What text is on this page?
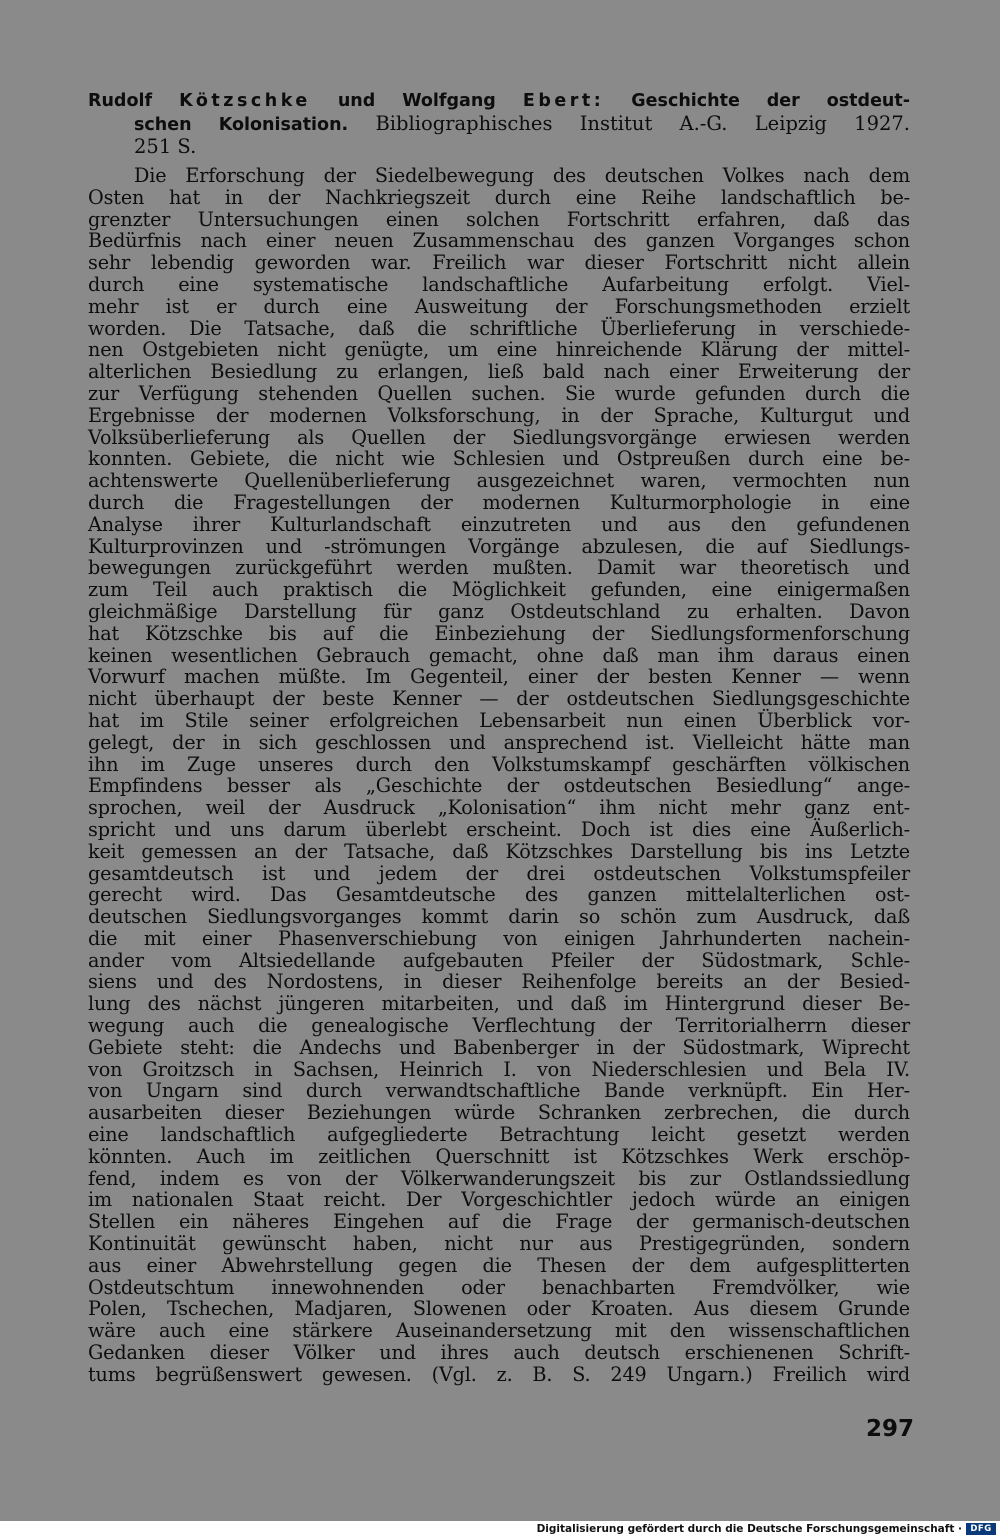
Rudolf Kötzschke und Wolfgang Ebert: Geschichte der ostdeut-
schen Kolonisation. Bibliographisches Institut A.-G. Leipzig 1927.
251 S.
Die Erforschung der Siedelbewegung des deutschen Volkes nach dem
Osten hat in der Nachkriegszeit durch eine Reihe landschaftlich be-
grenzter Untersuchungen einen solchen Fortschritt erfahren, daß das
Bedürfnis nach einer neuen Zusammenschau des ganzen Vorganges schon
sehr lebendig geworden war. Freilich war dieser Fortschritt nicht allein
durch eine systematische landschaftliche Aufarbeitung erfolgt. Viel-
mehr ist er durch eine Ausweitung der Forschungsmethoden erzielt
worden. Die Tatsache, daß die schriftliche Überlieferung in verschiede-
nen Ostgebieten nicht genügte, um eine hinreichende Klärung der mittel-
alterlichen Besiedlung zu erlangen, ließ bald nach einer Erweiterung der
zur Verfügung stehenden Quellen suchen. Sie wurde gefunden durch die
Ergebnisse der modernen Volksforschung, in der Sprache, Kulturgut und
Volksüberlieferung als Quellen der Siedlungsvorgänge erwiesen werden
konnten. Gebiete, die nicht wie Schlesien und Ostpreußen durch eine be-
achtenswerte Quellenüberlieferung ausgezeichnet waren, vermochten nun
durch die Fragestellungen der modernen Kulturmorphologie in eine
Analyse ihrer Kulturlandschaft einzutreten und aus den gefundenen
Kulturprovinzen und -strömungen Vorgänge abzulesen, die auf Siedlungs-
bewegungen zurückgeführt werden mußten. Damit war theoretisch und
zum Teil auch praktisch die Möglichkeit gefunden, eine einigermaßen
gleichmäßige Darstellung für ganz Ostdeutschland zu erhalten. Davon
hat Kötzschke bis auf die Einbeziehung der Siedlungsformenforschung
keinen wesentlichen Gebrauch gemacht, ohne daß man ihm daraus einen
Vorwurf machen müßte. Im Gegenteil, einer der besten Kenner — wenn
nicht überhaupt der beste Kenner — der ostdeutschen Siedlungsgeschichte
hat im Stile seiner erfolgreichen Lebensarbeit nun einen Überblick vor-
gelegt, der in sich geschlossen und ansprechend ist. Vielleicht hätte man
ihn im Zuge unseres durch den Volkstumskampf geschärften völkischen
Empfindens besser als „Geschichte der ostdeutschen Besiedlung“ ange-
sprochen, weil der Ausdruck „Kolonisation“ ihm nicht mehr ganz ent-
spricht und uns darum überlebt erscheint. Doch ist dies eine Äußerlich-
keit gemessen an der Tatsache, daß Kötzschkes Darstellung bis ins Letzte
gesamtdeutsch ist und jedem der drei ostdeutschen Volkstumspfeiler
gerecht wird. Das Gesamtdeutsche des ganzen mittelalterlichen ost-
deutschen Siedlungsvorganges kommt darin so schön zum Ausdruck, daß
die mit einer Phasenverschiebung von einigen Jahrhunderten nachein-
ander vom Altsiedellande aufgebauten Pfeiler der Südostmark, Schle-
siens und des Nordostens, in dieser Reihenfolge bereits an der Besied-
lung des nächst jüngeren mitarbeiten, und daß im Hintergrund dieser Be-
wegung auch die genealogische Verflechtung der Territorialherrn dieser
Gebiete steht: die Andechs und Babenberger in der Südostmark, Wiprecht
von Groitzsch in Sachsen, Heinrich I. von Niederschlesien und Bela IV.
von Ungarn sind durch verwandtschaftliche Bande verknüpft. Ein Her-
ausarbeiten dieser Beziehungen würde Schranken zerbrechen, die durch
eine landschaftlich aufgegliederte Betrachtung leicht gesetzt werden
könnten. Auch im zeitlichen Querschnitt ist Kötzschkes Werk erschöp-
fend, indem es von der Völkerwanderungszeit bis zur Ostlandssiedlung
im nationalen Staat reicht. Der Vorgeschichtler jedoch würde an einigen
Stellen ein näheres Eingehen auf die Frage der germanisch-deutschen
Kontinuität gewünscht haben, nicht nur aus Prestigegründen, sondern
aus einer Abwehrstellung gegen die Thesen der dem aufgesplitterten
Ostdeutschtum innewohnenden oder benachbarten Fremdvölker, wie
Polen, Tschechen, Madjaren, Slowenen oder Kroaten. Aus diesem Grunde
wäre auch eine stärkere Auseinandersetzung mit den wissenschaftlichen
Gedanken dieser Völker und ihres auch deutsch erschienenen Schrift-
tums begrüßenswert gewesen. (Vgl. z. B. S. 249 Ungarn.) Freilich wird
297
Digitalisierung gefördert durch die Deutsche Forschungsgemeinschaft · DFG
